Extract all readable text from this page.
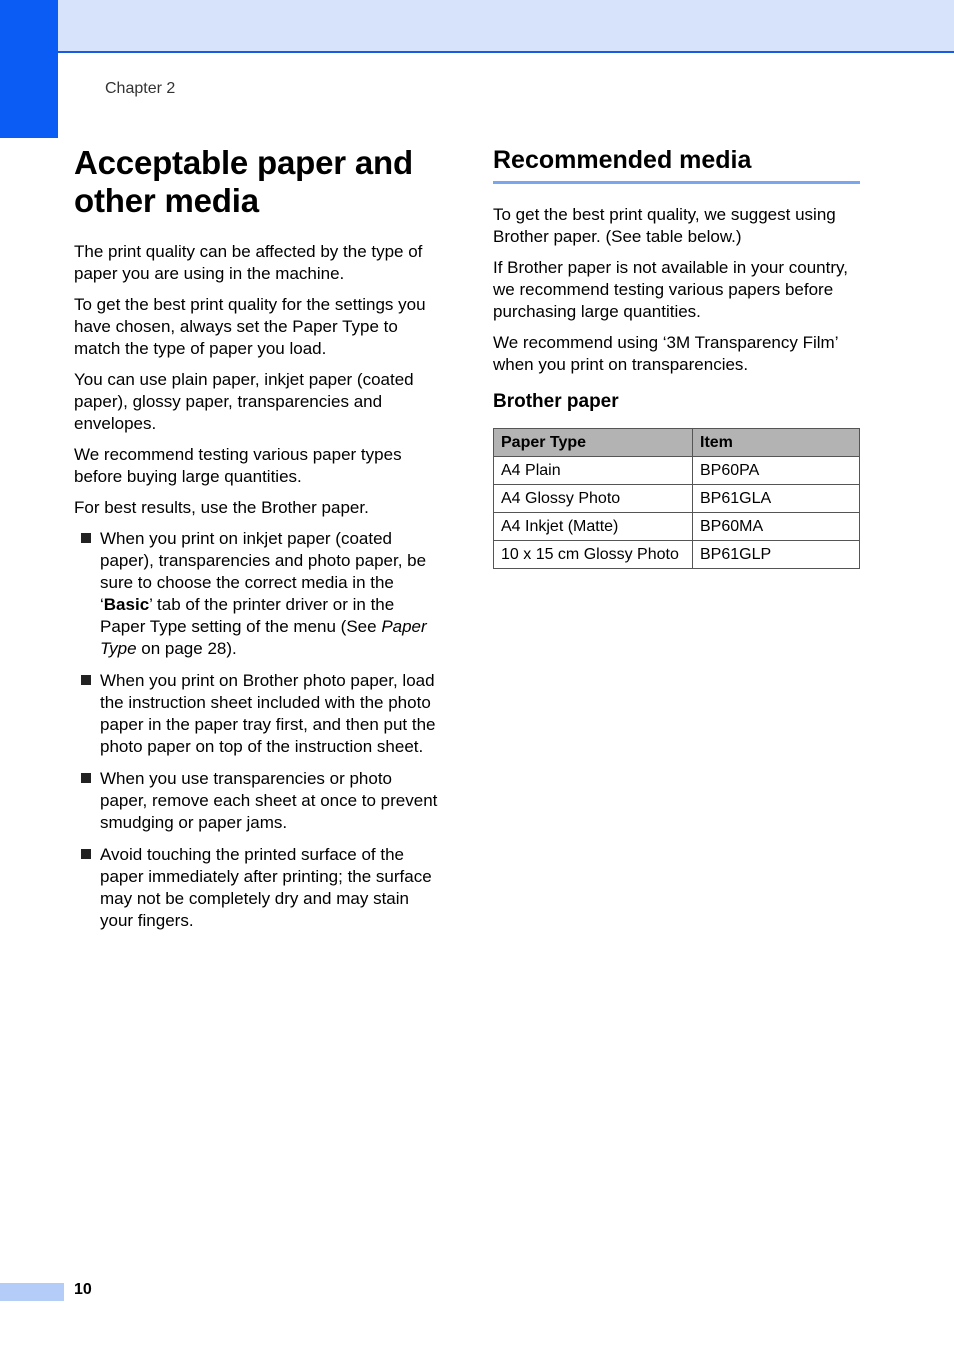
Chapter 2
Acceptable paper and other media

The print quality can be affected by the type of paper you are using in the machine.

To get the best print quality for the settings you have chosen, always set the Paper Type to match the type of paper you load.

You can use plain paper, inkjet paper (coated paper), glossy paper, transparencies and envelopes.

We recommend testing various paper types before buying large quantities.

For best results, use the Brother paper.

When you print on inkjet paper (coated paper), transparencies and photo paper, be sure to choose the correct media in the ‘Basic’ tab of the printer driver or in the Paper Type setting of the menu (See Paper Type on page 28).
When you print on Brother photo paper, load the instruction sheet included with the photo paper in the paper tray first, and then put the photo paper on top of the instruction sheet.
When you use transparencies or photo paper, remove each sheet at once to prevent smudging or paper jams.
Avoid touching the printed surface of the paper immediately after printing; the surface may not be completely dry and may stain your fingers.
Recommended media

To get the best print quality, we suggest using Brother paper. (See table below.)

If Brother paper is not available in your country, we recommend testing various papers before purchasing large quantities.

We recommend using ‘3M Transparency Film’ when you print on transparencies.

Brother paper
Paper Type	Item
A4 Plain	BP60PA
A4 Glossy Photo	BP61GLA
A4 Inkjet (Matte)	BP60MA
10 x 15 cm Glossy Photo	BP61GLP
10
